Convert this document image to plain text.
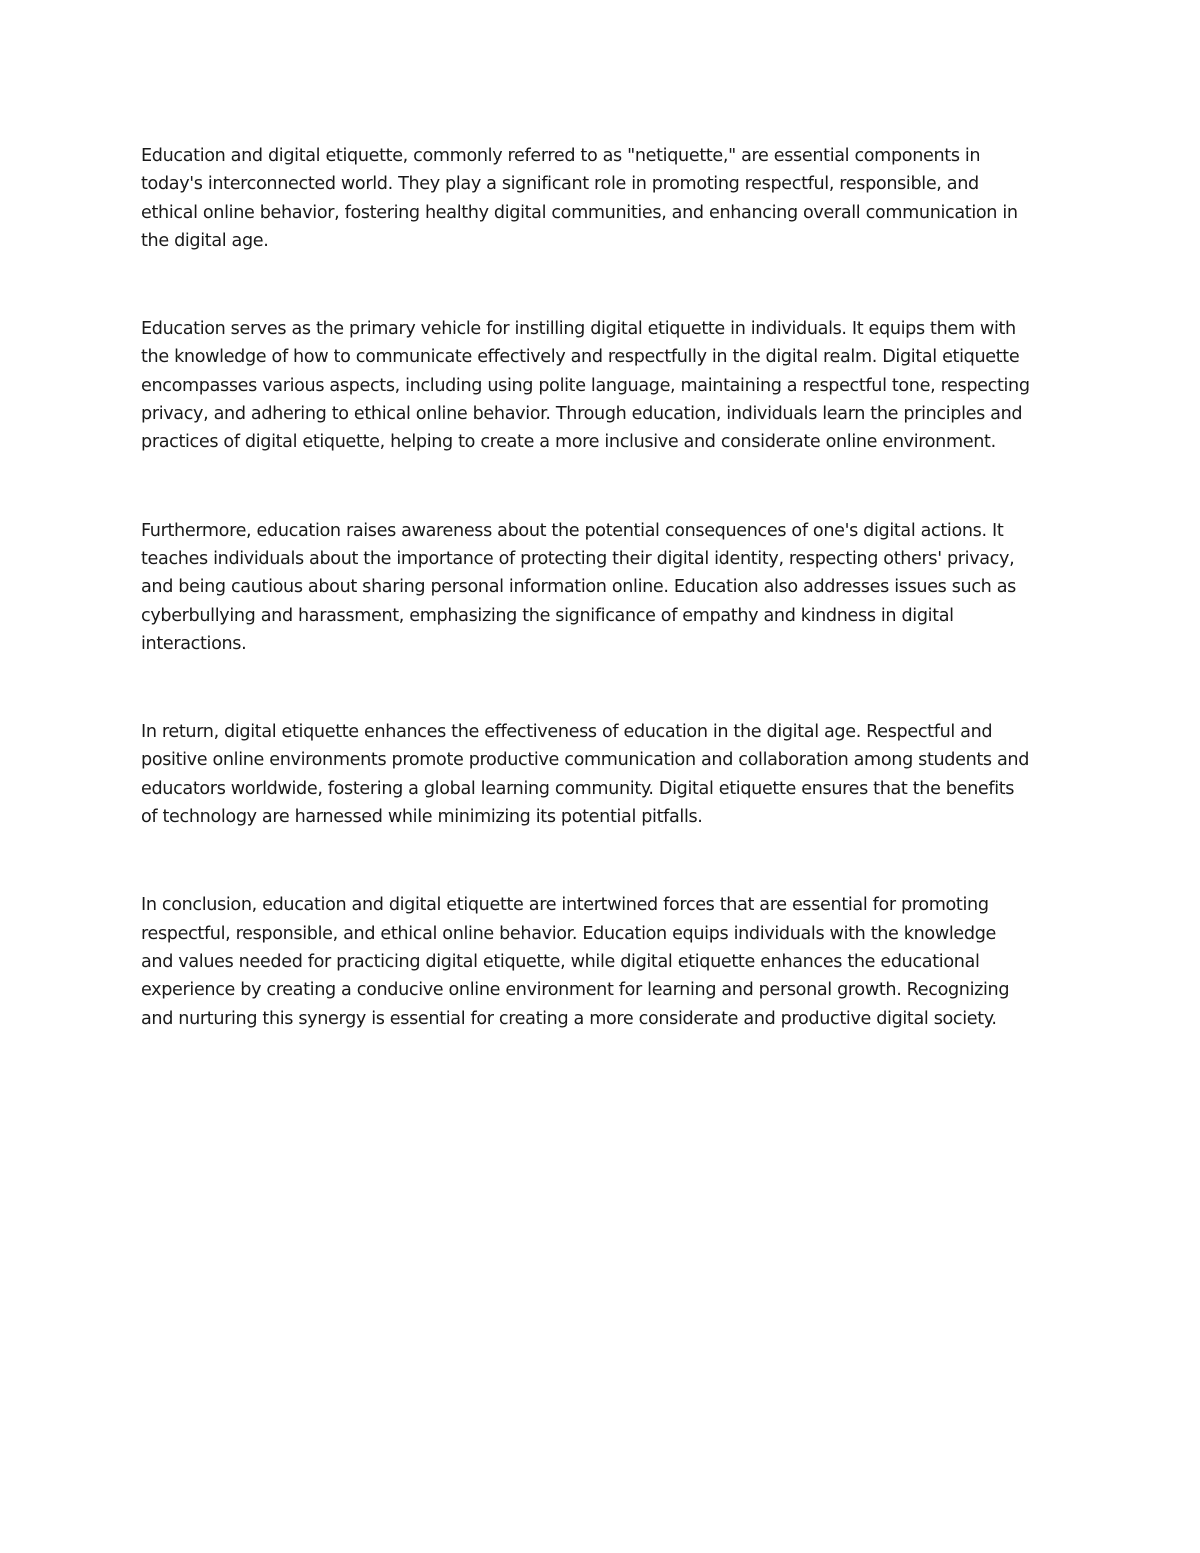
Education and digital etiquette, commonly referred to as "netiquette," are essential components in
today's interconnected world. They play a significant role in promoting respectful, responsible, and
ethical online behavior, fostering healthy digital communities, and enhancing overall communication in
the digital age.

Education serves as the primary vehicle for instilling digital etiquette in individuals. It equips them with
the knowledge of how to communicate effectively and respectfully in the digital realm. Digital etiquette
encompasses various aspects, including using polite language, maintaining a respectful tone, respecting
privacy, and adhering to ethical online behavior. Through education, individuals learn the principles and
practices of digital etiquette, helping to create a more inclusive and considerate online environment.

Furthermore, education raises awareness about the potential consequences of one's digital actions. It
teaches individuals about the importance of protecting their digital identity, respecting others' privacy,
and being cautious about sharing personal information online. Education also addresses issues such as
cyberbullying and harassment, emphasizing the significance of empathy and kindness in digital
interactions.

In return, digital etiquette enhances the effectiveness of education in the digital age. Respectful and
positive online environments promote productive communication and collaboration among students and
educators worldwide, fostering a global learning community. Digital etiquette ensures that the benefits
of technology are harnessed while minimizing its potential pitfalls.

In conclusion, education and digital etiquette are intertwined forces that are essential for promoting
respectful, responsible, and ethical online behavior. Education equips individuals with the knowledge
and values needed for practicing digital etiquette, while digital etiquette enhances the educational
experience by creating a conducive online environment for learning and personal growth. Recognizing
and nurturing this synergy is essential for creating a more considerate and productive digital society.
